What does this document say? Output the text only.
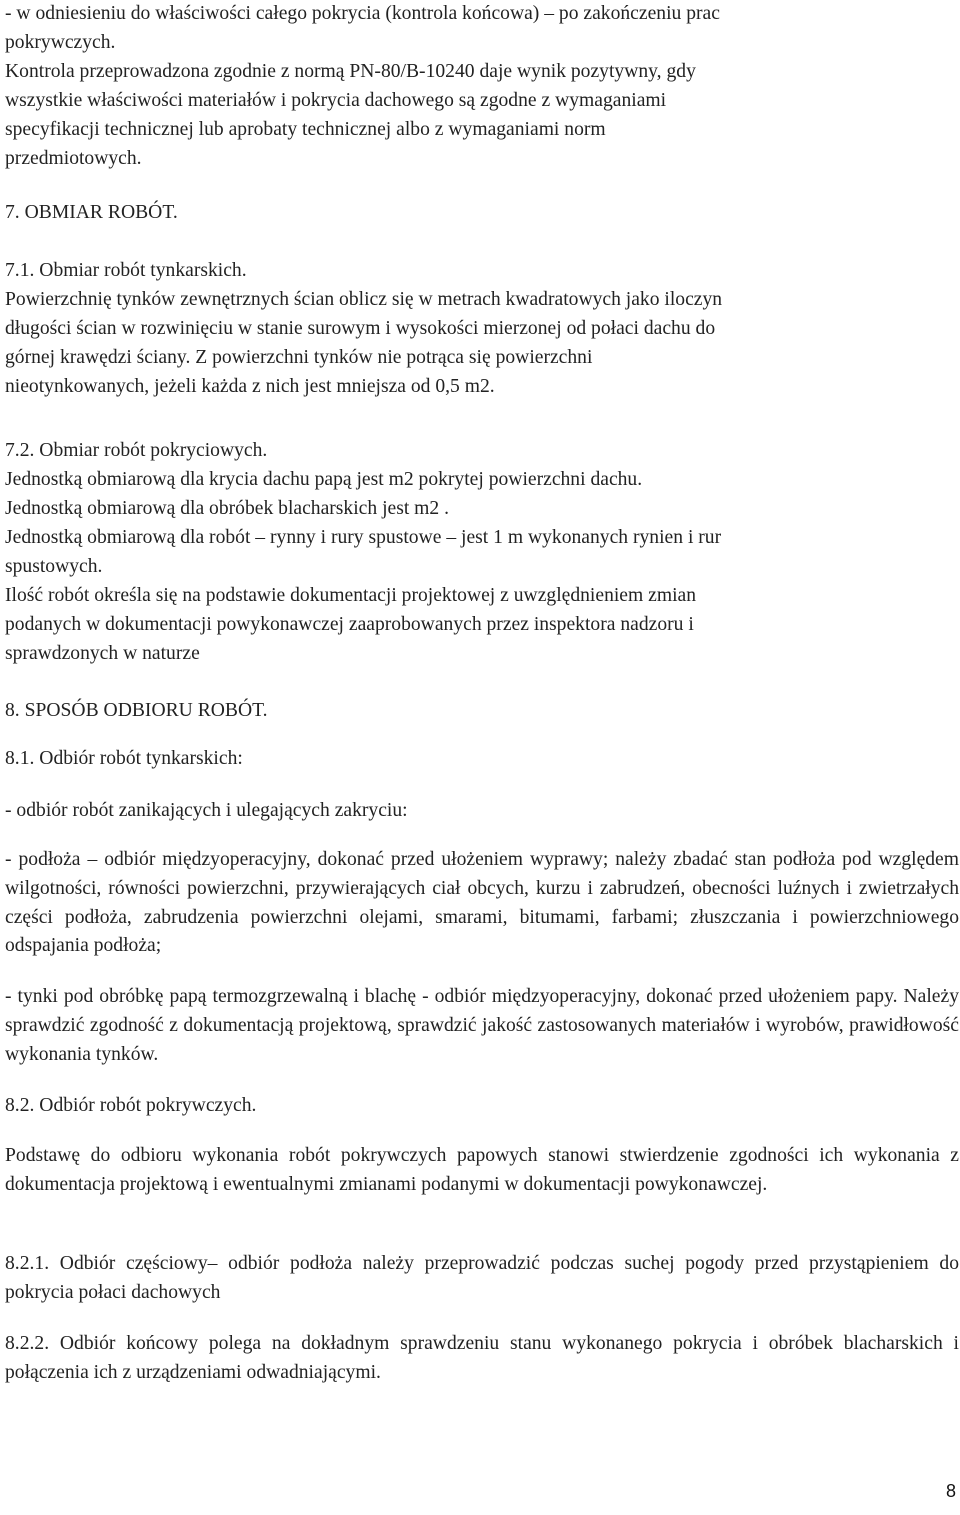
- w odniesieniu do właściwości całego pokrycia (kontrola końcowa) – po zakończeniu prac
pokrywczych.
Kontrola przeprowadzona zgodnie z normą PN-80/B-10240 daje wynik pozytywny, gdy
wszystkie właściwości materiałów i pokrycia dachowego są zgodne z wymaganiami
specyfikacji technicznej lub aprobaty technicznej albo z wymaganiami norm
przedmiotowych.
7. OBMIAR ROBÓT.
7.1. Obmiar robót tynkarskich.
Powierzchnię tynków zewnętrznych ścian oblicz się w metrach kwadratowych jako iloczyn
długości ścian w rozwinięciu w stanie surowym i wysokości mierzonej od połaci dachu do
górnej krawędzi ściany. Z powierzchni tynków nie potrąca się powierzchni
nieotynkowanych, jeżeli każda z nich jest mniejsza od 0,5 m2.
7.2. Obmiar robót pokryciowych.
Jednostką obmiarową dla krycia dachu papą jest m2 pokrytej powierzchni dachu.
Jednostką obmiarową dla obróbek blacharskich jest m2 .
Jednostką obmiarową dla robót – rynny i rury spustowe – jest 1 m wykonanych rynien i rur
spustowych.
Ilość robót określa się na podstawie dokumentacji projektowej z uwzględnieniem zmian
podanych w dokumentacji powykonawczej zaaprobowanych przez inspektora nadzoru i
sprawdzonych w naturze
8. SPOSÓB ODBIORU ROBÓT.
8.1. Odbiór robót tynkarskich:
- odbiór robót zanikających i ulegających zakryciu:

- podłoża – odbiór międzyoperacyjny, dokonać przed ułożeniem wyprawy; należy zbadać stan podłoża pod względem wilgotności, równości powierzchni, przywierających ciał obcych, kurzu i zabrudzeń, obecności luźnych i zwietrzałych części podłoża, zabrudzenia powierzchni olejami, smarami, bitumami, farbami; złuszczania i powierzchniowego odspajania podłoża;

- tynki pod obróbkę papą termozgrzewalną i blachę - odbiór międzyoperacyjny, dokonać przed ułożeniem papy. Należy sprawdzić zgodność z dokumentacją projektową, sprawdzić jakość zastosowanych materiałów i wyrobów, prawidłowość wykonania tynków.

8.2. Odbiór robót pokrywczych.

Podstawę do odbioru wykonania robót pokrywczych papowych stanowi stwierdzenie zgodności ich wykonania z dokumentacja projektową i ewentualnymi zmianami podanymi w dokumentacji powykonawczej.

8.2.1. Odbiór częściowy– odbiór podłoża należy przeprowadzić podczas suchej pogody przed przystąpieniem do pokrycia połaci dachowych

8.2.2. Odbiór końcowy polega na dokładnym sprawdzeniu stanu wykonanego pokrycia i obróbek blacharskich i połączenia ich z urządzeniami odwadniającymi.

8
